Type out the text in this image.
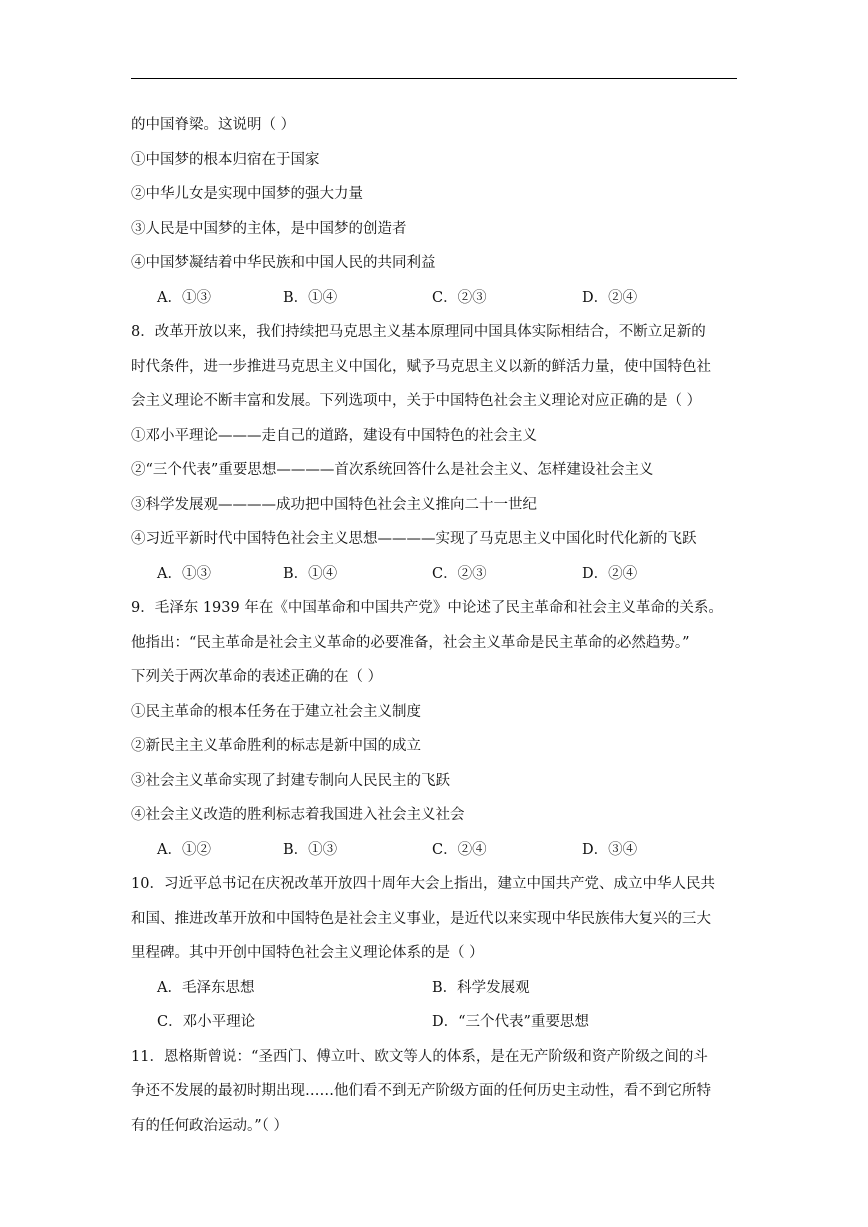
的中国脊梁。这说明（ ）
①中国梦的根本归宿在于国家
②中华儿女是实现中国梦的强大力量
③人民是中国梦的主体，是中国梦的创造者
④中国梦凝结着中华民族和中国人民的共同利益
A．①③	B．①④	C．②③	D．②④
8．改革开放以来，我们持续把马克思主义基本原理同中国具体实际相结合，不断立足新的
时代条件，进一步推进马克思主义中国化，赋予马克思主义以新的鲜活力量，使中国特色社
会主义理论不断丰富和发展。下列选项中，关于中国特色社会主义理论对应正确的是（ ）
①邓小平理论———走自己的道路，建设有中国特色的社会主义
②“三个代表”重要思想————首次系统回答什么是社会主义、怎样建设社会主义
③科学发展观————成功把中国特色社会主义推向二十一世纪
④习近平新时代中国特色社会主义思想————实现了马克思主义中国化时代化新的飞跃
A．①③	B．①④	C．②③	D．②④
9．毛泽东 1939 年在《中国革命和中国共产党》中论述了民主革命和社会主义革命的关系。
他指出：“民主革命是社会主义革命的必要准备，社会主义革命是民主革命的必然趋势。”
下列关于两次革命的表述正确的在（ ）
①民主革命的根本任务在于建立社会主义制度
②新民主主义革命胜利的标志是新中国的成立
③社会主义革命实现了封建专制向人民民主的飞跃
④社会主义改造的胜利标志着我国进入社会主义社会
A．①②	B．①③	C．②④	D．③④
10．习近平总书记在庆祝改革开放四十周年大会上指出，建立中国共产党、成立中华人民共
和国、推进改革开放和中国特色是社会主义事业，是近代以来实现中华民族伟大复兴的三大
里程碑。其中开创中国特色社会主义理论体系的是（ ）
A．毛泽东思想	B．科学发展观
C．邓小平理论	D．“三个代表”重要思想
11．恩格斯曾说：“圣西门、傅立叶、欧文等人的体系，是在无产阶级和资产阶级之间的斗
争还不发展的最初时期出现……他们看不到无产阶级方面的任何历史主动性，看不到它所特
有的任何政治运动。”（ ）
